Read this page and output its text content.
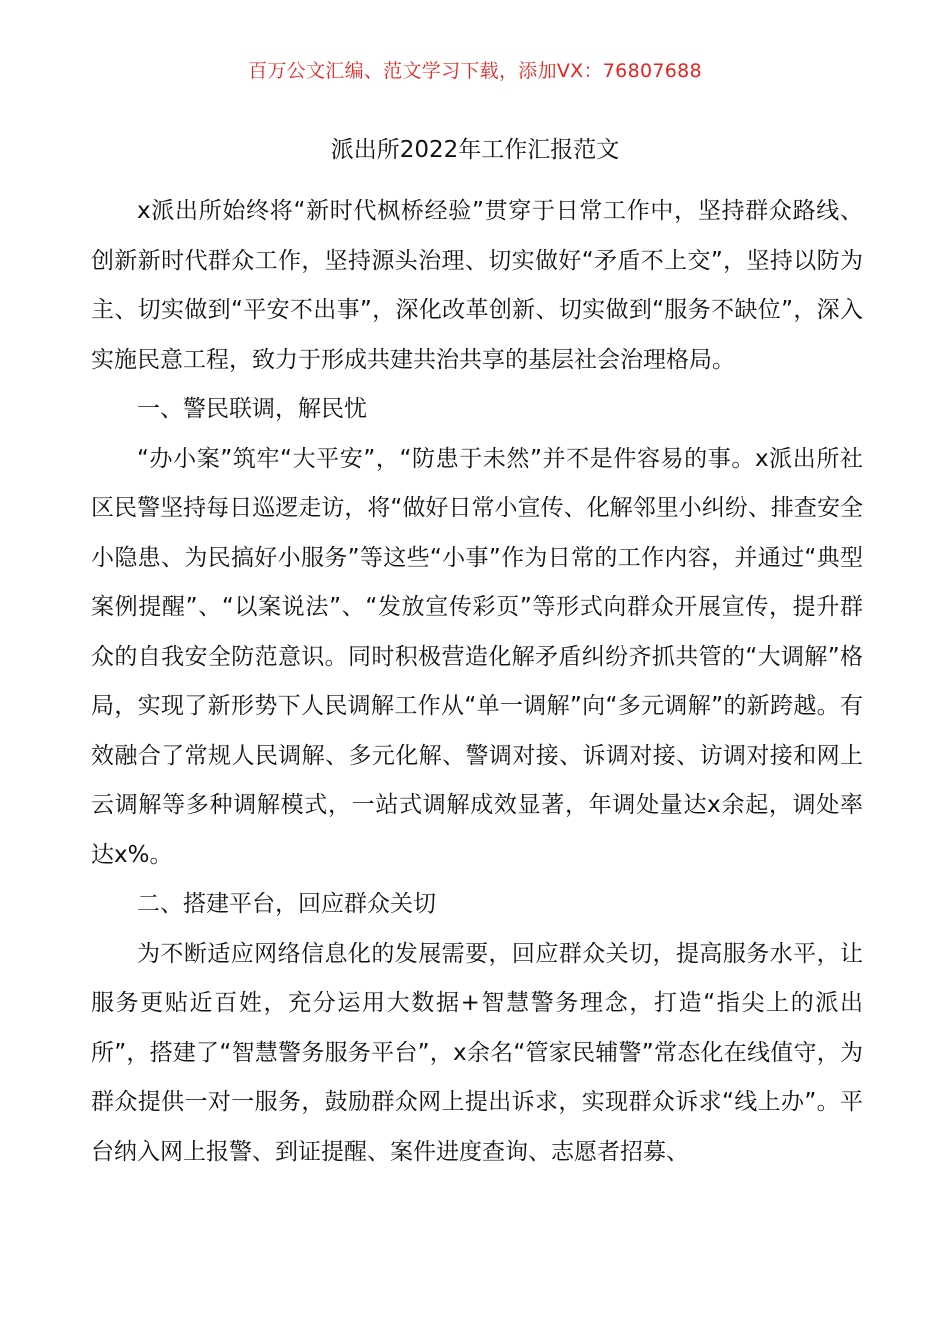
百万公文汇编、范文学习下载，添加VX：76807688
派出所2022年工作汇报范文

x派出所始终将“新时代枫桥经验”贯穿于日常工作中，坚持群众路线、创新新时代群众工作，坚持源头治理、切实做好“矛盾不上交”，坚持以防为主、切实做到“平安不出事”，深化改革创新、切实做到“服务不缺位”，深入实施民意工程，致力于形成共建共治共享的基层社会治理格局。

一、警民联调，解民忧

“办小案”筑牢“大平安”，“防患于未然”并不是件容易的事。x派出所社区民警坚持每日巡逻走访，将“做好日常小宣传、化解邻里小纠纷、排查安全小隐患、为民搞好小服务”等这些“小事”作为日常的工作内容，并通过“典型案例提醒”、“以案说法”、“发放宣传彩页”等形式向群众开展宣传，提升群众的自我安全防范意识。同时积极营造化解矛盾纠纷齐抓共管的“大调解”格局，实现了新形势下人民调解工作从“单一调解”向“多元调解”的新跨越。有效融合了常规人民调解、多元化解、警调对接、诉调对接、访调对接和网上云调解等多种调解模式，一站式调解成效显著，年调处量达x余起，调处率达x%。

二、搭建平台，回应群众关切

为不断适应网络信息化的发展需要，回应群众关切，提高服务水平，让服务更贴近百姓，充分运用大数据+智慧警务理念，打造“指尖上的派出所”，搭建了“智慧警务服务平台”，x余名“管家民辅警”常态化在线值守，为群众提供一对一服务，鼓励群众网上提出诉求，实现群众诉求“线上办”。平台纳入网上报警、到证提醒、案件进度查询、志愿者招募、
